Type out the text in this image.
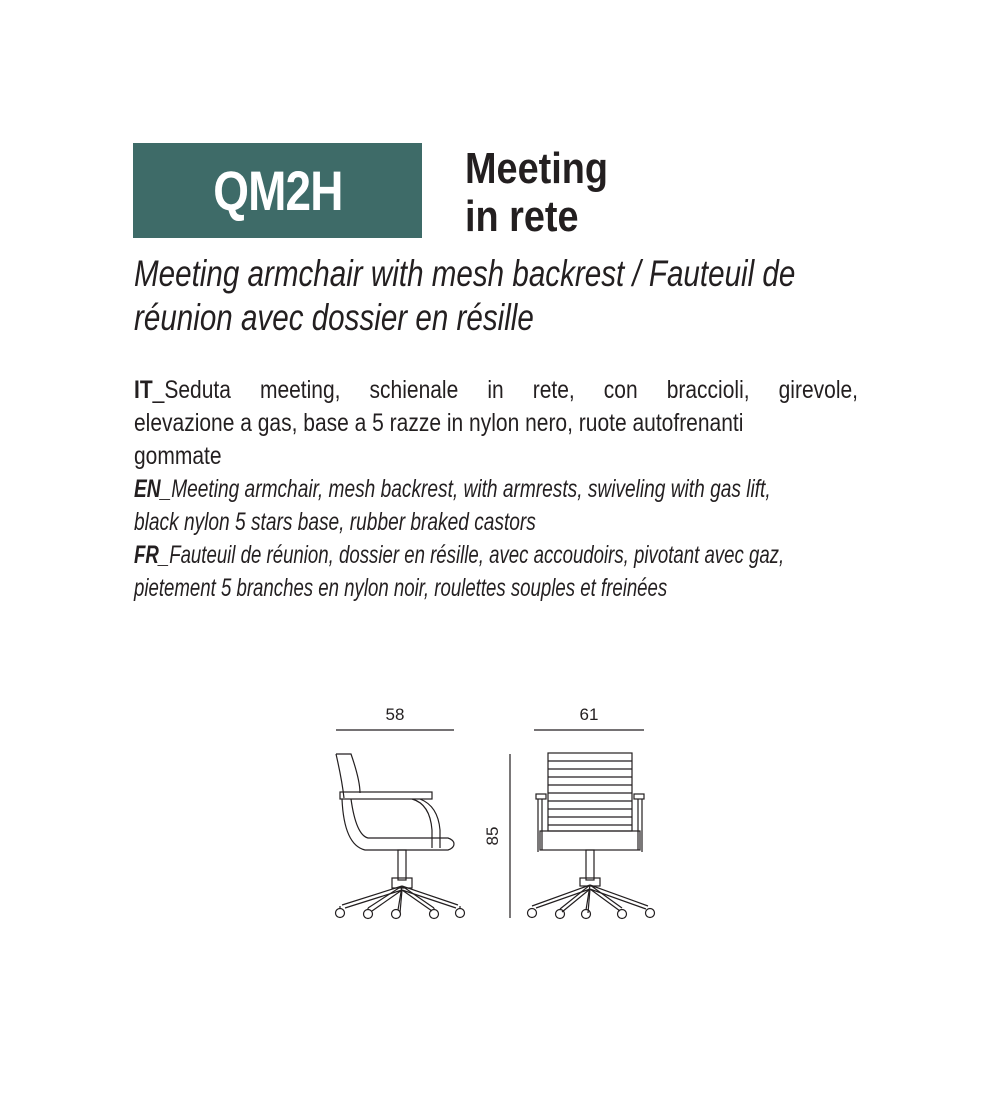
QM2H	Meeting
in rete
Meeting armchair with mesh backrest / Fauteuil de
réunion avec dossier en résille
IT_Seduta meeting, schienale in rete, con braccioli, girevole,
elevazione a gas, base a 5 razze in nylon nero, ruote autofrenanti
gommate
EN_Meeting armchair, mesh backrest, with armrests, swiveling with gas lift,
black nylon 5 stars base, rubber braked castors
FR_Fauteuil de réunion, dossier en résille, avec accoudoirs, pivotant avec gaz,
pietement 5 branches en nylon noir, roulettes souples et freinées
58	61
85
